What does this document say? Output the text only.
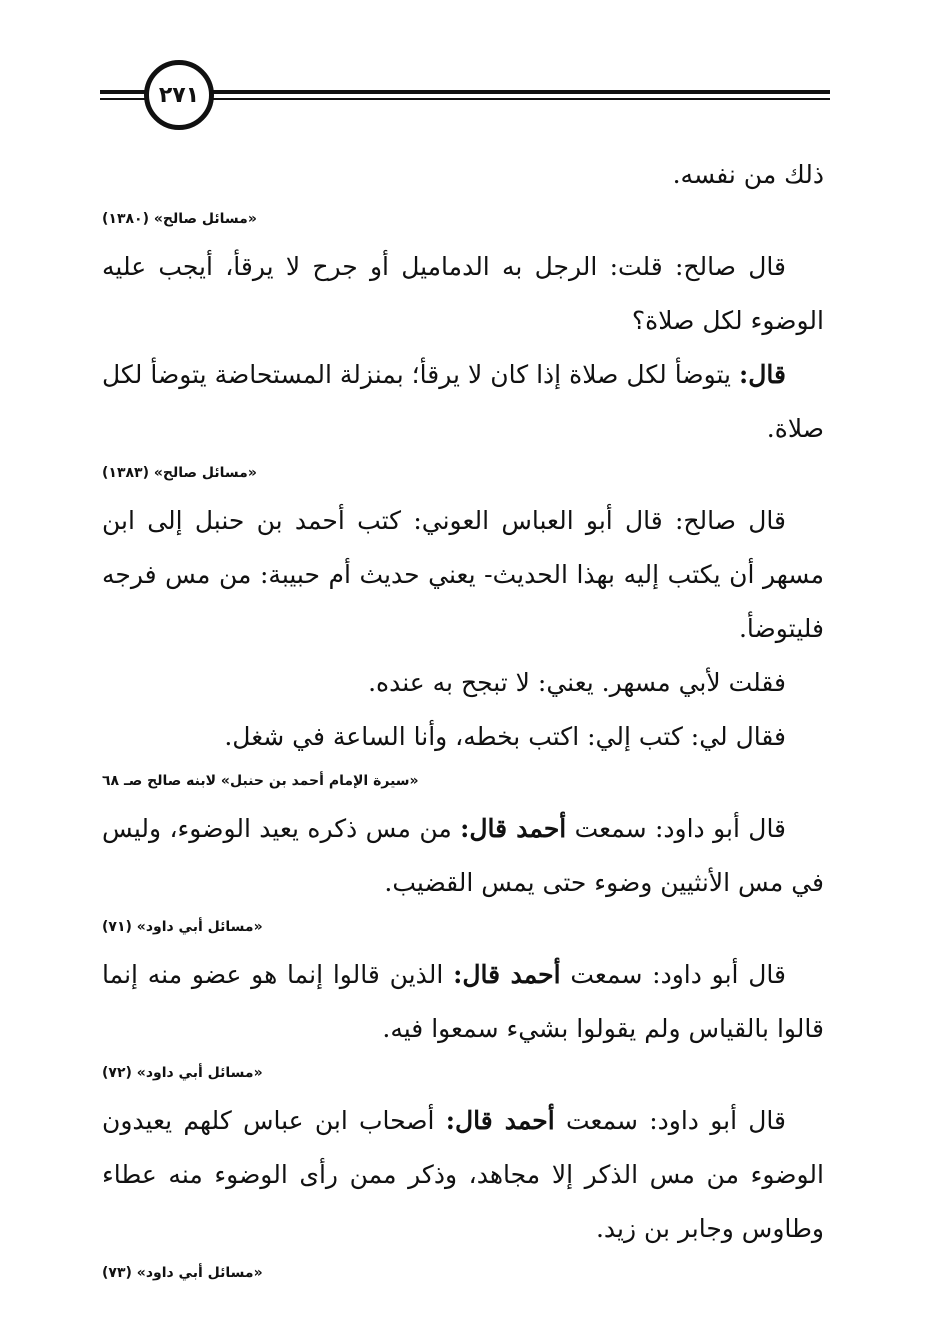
٢٧١

ذلك من نفسه.

«مسائل صالح» (١٣٨٠)

قال صالح: قلت: الرجل به الدماميل أو جرح لا يرقأ، أيجب عليه الوضوء لكل صلاة؟

قال: يتوضأ لكل صلاة إذا كان لا يرقأ؛ بمنزلة المستحاضة يتوضأ لكل صلاة.

«مسائل صالح» (١٣٨٣)

قال صالح: قال أبو العباس العوني: كتب أحمد بن حنبل إلى ابن مسهر أن يكتب إليه بهذا الحديث- يعني حديث أم حبيبة: من مس فرجه فليتوضأ.

فقلت لأبي مسهر. يعني: لا تبجح به عنده.

فقال لي: كتب إلي: اكتب بخطه، وأنا الساعة في شغل.

«سيرة الإمام أحمد بن حنبل» لابنه صالح صـ ٦٨

قال أبو داود: سمعت أحمد قال: من مس ذكره يعيد الوضوء، وليس في مس الأنثيين وضوء حتى يمس القضيب.

«مسائل أبي داود» (٧١)

قال أبو داود: سمعت أحمد قال: الذين قالوا إنما هو عضو منه إنما قالوا بالقياس ولم يقولوا بشيء سمعوا فيه.

«مسائل أبي داود» (٧٢)

قال أبو داود: سمعت أحمد قال: أصحاب ابن عباس كلهم يعيدون الوضوء من مس الذكر إلا مجاهد، وذكر ممن رأى الوضوء منه عطاء وطاوس وجابر بن زيد.

«مسائل أبي داود» (٧٣)
